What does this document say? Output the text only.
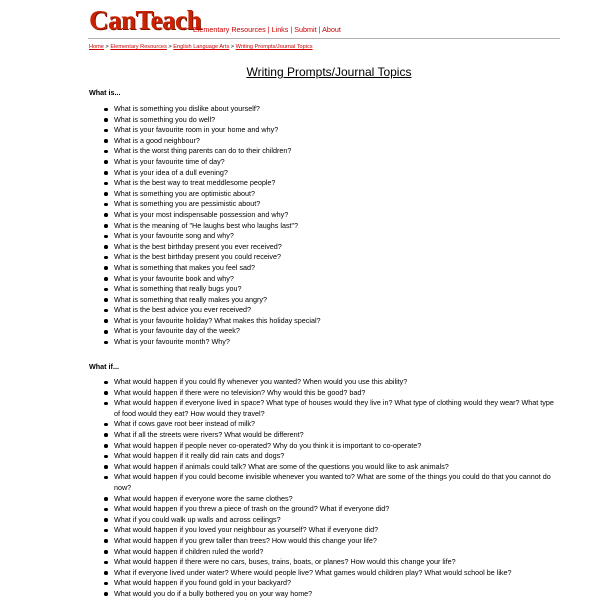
CanTeach
Elementary Resources | Links | Submit | About
Home > Elementary Resources > English Language Arts > Writing Prompts/Journal Topics
Writing Prompts/Journal Topics
What is...
What is something you dislike about yourself?
What is something you do well?
What is your favourite room in your home and why?
What is a good neighbour?
What is the worst thing parents can do to their children?
What is your favourite time of day?
What is your idea of a dull evening?
What is the best way to treat meddlesome people?
What is something you are optimistic about?
What is something you are pessimistic about?
What is your most indispensable possession and why?
What is the meaning of "He laughs best who laughs last"?
What is your favourite song and why?
What is the best birthday present you ever received?
What is the best birthday present you could receive?
What is something that makes you feel sad?
What is your favourite book and why?
What is something that really bugs you?
What is something that really makes you angry?
What is the best advice you ever received?
What is your favourite holiday? What makes this holiday special?
What is your favourite day of the week?
What is your favourite month? Why?
What if...
What would happen if you could fly whenever you wanted? When would you use this ability?
What would happen if there were no television? Why would this be good? bad?
What would happen if everyone lived in space? What type of houses would they live in? What type of clothing would they wear? What type of food would they eat? How would they travel?
What if cows gave root beer instead of milk?
What if all the streets were rivers? What would be different?
What would happen if people never co-operated? Why do you think it is important to co-operate?
What would happen if it really did rain cats and dogs?
What would happen if animals could talk? What are some of the questions you would like to ask animals?
What would happen if you could become invisible whenever you wanted to? What are some of the things you could do that you cannot do now?
What would happen if everyone wore the same clothes?
What would happen if you threw a piece of trash on the ground? What if everyone did?
What if you could walk up walls and across ceilings?
What would happen if you loved your neighbour as yourself? What if everyone did?
What would happen if you grew taller than trees? How would this change your life?
What would happen if children ruled the world?
What would happen if there were no cars, buses, trains, boats, or planes? How would this change your life?
What if everyone lived under water? Where would people live? What games would children play? What would school be like?
What would happen if you found gold in your backyard?
What would you do if a bully bothered you on your way home?
